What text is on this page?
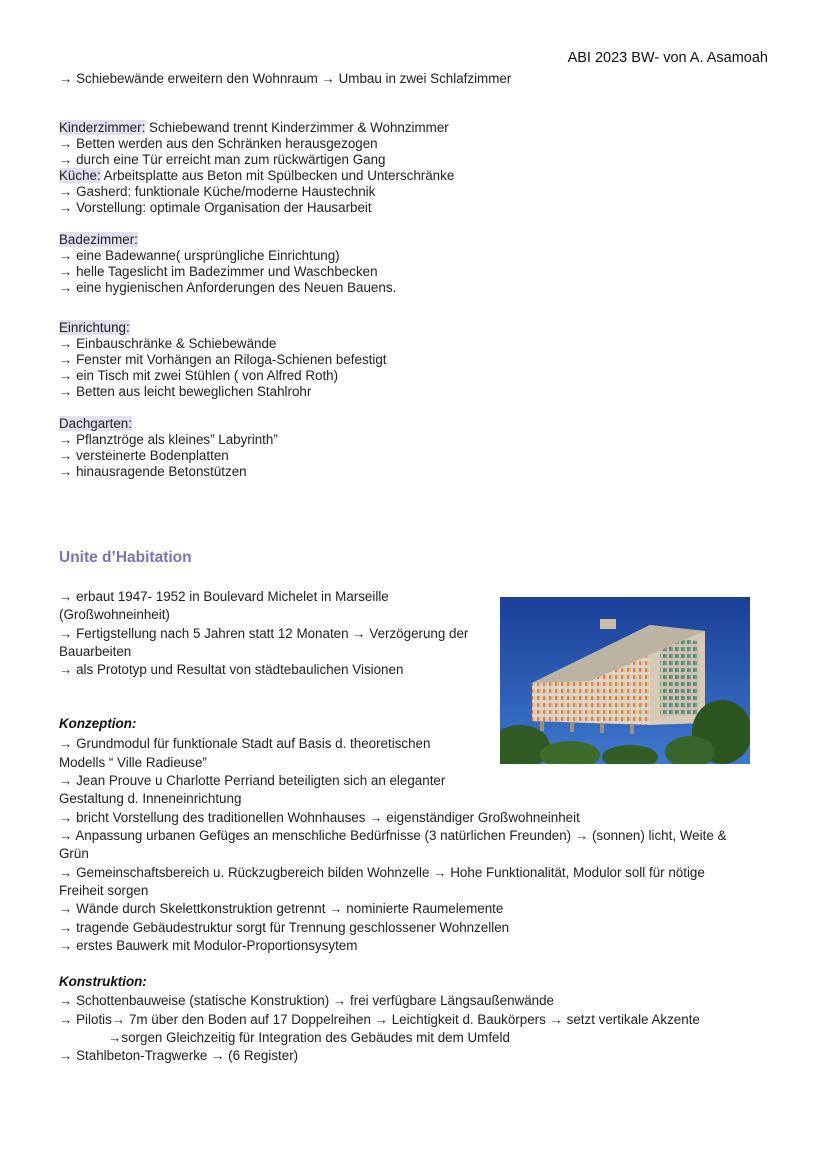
ABI 2023 BW- von A. Asamoah
→ Schiebewände erweitern den Wohnraum → Umbau in zwei Schlafzimmer
Kinderzimmer: Schiebewand trennt Kinderzimmer & Wohnzimmer
→ Betten werden aus den Schränken herausgezogen
→ durch eine Tür erreicht man zum rückwärtigen Gang
Küche: Arbeitsplatte aus Beton mit Spülbecken und Unterschränke
→ Gasherd: funktionale Küche/moderne Haustechnik
→ Vorstellung: optimale Organisation der Hausarbeit
Badezimmer:
→ eine Badewanne( ursprüngliche Einrichtung)
→ helle Tageslicht im Badezimmer und Waschbecken
→ eine hygienischen Anforderungen des Neuen Bauens.
Einrichtung:
→ Einbauschränke & Schiebewände
→ Fenster mit Vorhängen an Riloga-Schienen befestigt
→ ein Tisch mit zwei Stühlen ( von Alfred Roth)
→ Betten aus leicht beweglichen Stahlrohr
Dachgarten:
→ Pflanztröge als kleines” Labyrinth”
→ versteinerte Bodenplatten
→ hinausragende Betonstützen
Unite d’Habitation
→ erbaut 1947- 1952 in Boulevard Michelet in Marseille
(Großwohneinheit)
→ Fertigstellung nach 5 Jahren statt 12 Monaten → Verzögerung der
Bauarbeiten
→ als Prototyp und Resultat von städtebaulichen Visionen
Konzeption:
→ Grundmodul für funktionale Stadt auf Basis d. theoretischen
Modells “ Ville Radieuse”
→ Jean Prouve u Charlotte Perriand beteiligten sich an eleganter
Gestaltung d. Inneneinrichtung
→ bricht Vorstellung des traditionellen Wohnhauses → eigenständiger Großwohneinheit
→ Anpassung urbanen Gefüges an menschliche Bedürfnisse (3 natürlichen Freunden) → (sonnen) licht, Weite &
Grün
→ Gemeinschaftsbereich u. Rückzugbereich bilden Wohnzelle → Hohe Funktionalität, Modulor soll für nötige
Freiheit sorgen
→ Wände durch Skelettkonstruktion getrennt → nominierte Raumelemente
→ tragende Gebäudestruktur sorgt für Trennung geschlossener Wohnzellen
→ erstes Bauwerk mit Modulor-Proportionsysytem
Konstruktion:
→ Schottenbauweise (statische Konstruktion) → frei verfügbare Längsaußenwände
→ Pilotis→ 7m über den Boden auf 17 Doppelreihen → Leichtigkeit d. Baukörpers → setzt vertikale Akzente
→sorgen Gleichzeitig für Integration des Gebäudes mit dem Umfeld
→ Stahlbeton-Tragwerke → (6 Register)
